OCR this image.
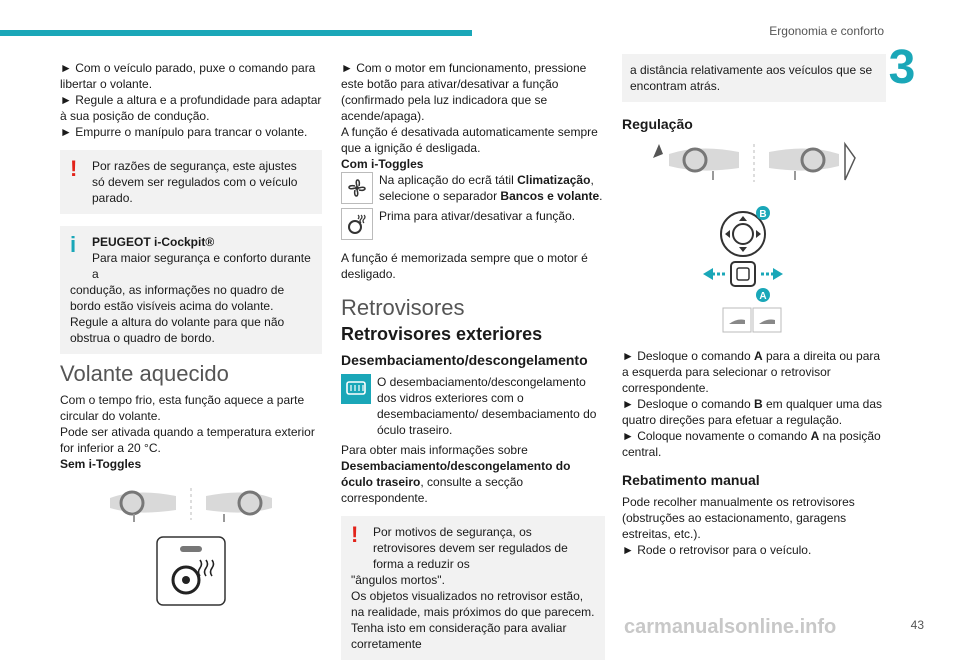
Ergonomia e conforto
3

► Com o veículo parado, puxe o comando para libertar o volante.

► Regule a altura e a profundidade para adaptar à sua posição de condução.

► Empurre o manípulo para trancar o volante.

! Por razões de segurança, este ajustes só devem ser regulados com o veículo parado.

i PEUGEOT i-Cockpit®

Para maior segurança e conforto durante a

condução, as informações no quadro de bordo estão visíveis acima do volante.

Regule a altura do volante para que não obstrua o quadro de bordo.

Volante aquecido

Com o tempo frio, esta função aquece a parte circular do volante.

Pode ser ativada quando a temperatura exterior for inferior a 20 °C.

Sem i-Toggles

► Com o motor em funcionamento, pressione este botão para ativar/desativar a função (confirmado pela luz indicadora que se acende/apaga).

A função é desativada automaticamente sempre que a ignição é desligada.

Com i-Toggles

Na aplicação do ecrã tátil Climatização, selecione o separador Bancos e volante.

Prima para ativar/desativar a função.

A função é memorizada sempre que o motor é desligado.

Retrovisores
Retrovisores exteriores
Desembaciamento/descongelamento

O desembaciamento/descongelamento dos vidros exteriores com o desembaciamento/ desembaciamento do óculo traseiro.

Para obter mais informações sobre Desembaciamento/descongelamento do óculo traseiro, consulte a secção correspondente.

! Por motivos de segurança, os retrovisores devem ser regulados de forma a reduzir os

"ângulos mortos".

Os objetos visualizados no retrovisor estão, na realidade, mais próximos do que parecem. Tenha isto em consideração para avaliar corretamente

a distância relativamente aos veículos que se encontram atrás.

Regulação
B
A

► Desloque o comando A para a direita ou para a esquerda para selecionar o retrovisor correspondente.

► Desloque o comando B em qualquer uma das quatro direções para efetuar a regulação.

► Coloque novamente o comando A na posição central.

Rebatimento manual

Pode recolher manualmente os retrovisores (obstruções ao estacionamento, garagens estreitas, etc.).

► Rode o retrovisor para o veículo.

carmanualsonline.info	43
